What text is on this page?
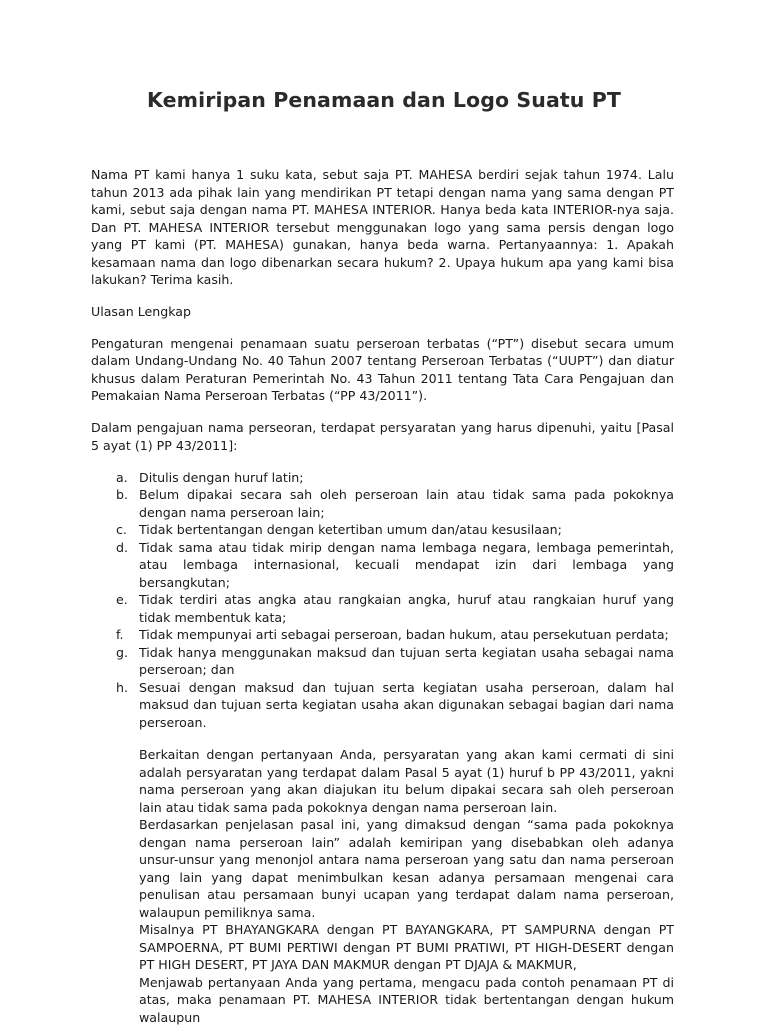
Kemiripan Penamaan dan Logo Suatu PT

Nama PT kami hanya 1 suku kata, sebut saja PT. MAHESA berdiri sejak tahun 1974. Lalu tahun 2013 ada pihak lain yang mendirikan PT tetapi dengan nama yang sama dengan PT kami, sebut saja dengan nama PT. MAHESA INTERIOR. Hanya beda kata INTERIOR-nya saja. Dan PT. MAHESA INTERIOR tersebut menggunakan logo yang sama persis dengan logo yang PT kami (PT. MAHESA) gunakan, hanya beda warna. Pertanyaannya: 1. Apakah kesamaan nama dan logo dibenarkan secara hukum? 2. Upaya hukum apa yang kami bisa lakukan? Terima kasih.

Ulasan Lengkap

Pengaturan mengenai penamaan suatu perseroan terbatas (“PT”) disebut secara umum dalam Undang-Undang No. 40 Tahun 2007 tentang Perseroan Terbatas (“UUPT”) dan diatur khusus dalam Peraturan Pemerintah No. 43 Tahun 2011 tentang Tata Cara Pengajuan dan Pemakaian Nama Perseroan Terbatas (“PP 43/2011”).

Dalam pengajuan nama perseoran, terdapat persyaratan yang harus dipenuhi, yaitu [Pasal 5 ayat (1) PP 43/2011]:

a. Ditulis dengan huruf latin;
b. Belum dipakai secara sah oleh perseroan lain atau tidak sama pada pokoknya dengan nama perseroan lain;
c. Tidak bertentangan dengan ketertiban umum dan/atau kesusilaan;
d. Tidak sama atau tidak mirip dengan nama lembaga negara, lembaga pemerintah, atau lembaga internasional, kecuali mendapat izin dari lembaga yang bersangkutan;
e. Tidak terdiri atas angka atau rangkaian angka, huruf atau rangkaian huruf yang tidak membentuk kata;
f. Tidak mempunyai arti sebagai perseroan, badan hukum, atau persekutuan perdata;
g. Tidak hanya menggunakan maksud dan tujuan serta kegiatan usaha sebagai nama perseroan; dan
h. Sesuai dengan maksud dan tujuan serta kegiatan usaha perseroan, dalam hal maksud dan tujuan serta kegiatan usaha akan digunakan sebagai bagian dari nama perseroan.

Berkaitan dengan pertanyaan Anda, persyaratan yang akan kami cermati di sini adalah persyaratan yang terdapat dalam Pasal 5 ayat (1) huruf b PP 43/2011, yakni nama perseroan yang akan diajukan itu belum dipakai secara sah oleh perseroan lain atau tidak sama pada pokoknya dengan nama perseroan lain.

Berdasarkan penjelasan pasal ini, yang dimaksud dengan “sama pada pokoknya dengan nama perseroan lain” adalah kemiripan yang disebabkan oleh adanya unsur-unsur yang menonjol antara nama perseroan yang satu dan nama perseroan yang lain yang dapat menimbulkan kesan adanya persamaan mengenai cara penulisan atau persamaan bunyi ucapan yang terdapat dalam nama perseroan, walaupun pemiliknya sama.

Misalnya PT BHAYANGKARA dengan PT BAYANGKARA, PT SAMPURNA dengan PT SAMPOERNA, PT BUMI PERTIWI dengan PT BUMI PRATIWI, PT HIGH-DESERT dengan PT HIGH DESERT, PT JAYA DAN MAKMUR dengan PT DJAJA & MAKMUR,

Menjawab pertanyaan Anda yang pertama, mengacu pada contoh penamaan PT di atas, maka penamaan PT. MAHESA INTERIOR tidak bertentangan dengan hukum walaupun
